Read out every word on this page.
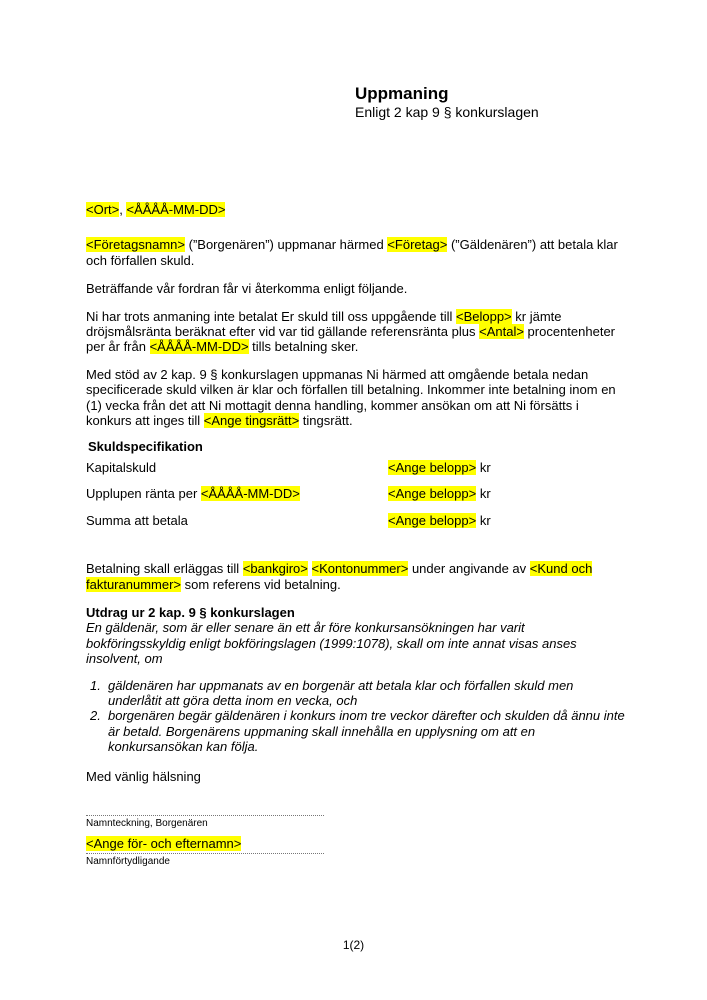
Uppmaning
Enligt 2 kap 9 § konkurslagen

<Ort>, <ÅÅÅÅ-MM-DD>

<Företagsnamn> (”Borgenären”) uppmanar härmed <Företag> (”Gäldenären”) att betala klar och förfallen skuld.

Beträffande vår fordran får vi återkomma enligt följande.

Ni har trots anmaning inte betalat Er skuld till oss uppgående till <Belopp> kr jämte dröjsmålsränta beräknat efter vid var tid gällande referensränta plus <Antal> procentenheter per år från <ÅÅÅÅ-MM-DD> tills betalning sker.

Med stöd av 2 kap. 9 § konkurslagen uppmanas Ni härmed att omgående betala nedan specificerade skuld vilken är klar och förfallen till betalning. Inkommer inte betalning inom en (1) vecka från det att Ni mottagit denna handling, kommer ansökan om att Ni försätts i konkurs att inges till <Ange tingsrätt> tingsrätt.

Skuldspecifikation
Kapitalskuld	<Ange belopp> kr
Upplupen ränta per <ÅÅÅÅ-MM-DD>	<Ange belopp> kr
Summa att betala	<Ange belopp> kr

Betalning skall erläggas till <bankgiro> <Kontonummer> under angivande av <Kund och fakturanummer> som referens vid betalning.

Utdrag ur 2 kap. 9 § konkurslagen

En gäldenär, som är eller senare än ett år före konkursansökningen har varit bokföringsskyldig enligt bokföringslagen (1999:1078), skall om inte annat visas anses insolvent, om

1. gäldenären har uppmanats av en borgenär att betala klar och förfallen skuld men underlåtit att göra detta inom en vecka, och
2. borgenären begär gäldenären i konkurs inom tre veckor därefter och skulden då ännu inte är betald. Borgenärens uppmaning skall innehålla en upplysning om att en konkursansökan kan följa.

Med vänlig hälsning

Namnteckning, Borgenären
<Ange för- och efternamn>
Namnförtydligande
1(2)
